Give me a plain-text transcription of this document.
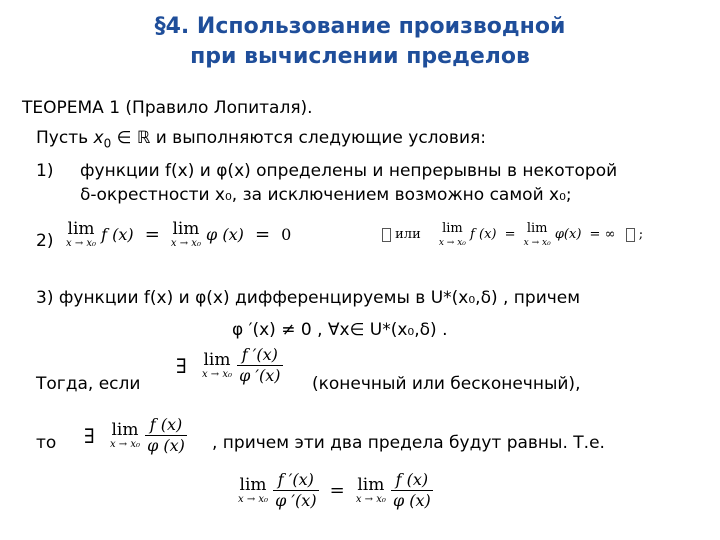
§4. Использование производной
при вычислении пределов
ТЕОРЕМА 1 (Правило Лопиталя).
Пусть $x_0$ ∈ ℝ и выполняются следующие условия:
1) функции f(x) и φ(x) определены и непрерывны в некоторой
δ-окрестности x₀, за исключением возможно самой x₀;
2)
lim
x → x₀ f (x) = lim
x → x₀ φ (x) = 0	или lim
x → x₀
f (x) = lim
x → x₀
φ(x) = ∞ ;
3) функции f(x) и φ(x) дифференцируемы в U*(x₀,δ) , причем
φ ′(x) ≠ 0 , ∀x∈ U*(x₀,δ) .
Тогда, если
∃ lim
x → x₀
$\frac{f '(x)}{\varphi '(x)}$ (конечный или бесконечный),
то ∃ lim
x → x₀
$\frac{f (x)}{\varphi (x)}$ , причем эти два предела будут равны. Т.е.
lim
x → x₀
$\frac{f '(x)}{\varphi '(x)} = \lim$
x → x₀
$\frac{f (x)}{\varphi (x)}$
